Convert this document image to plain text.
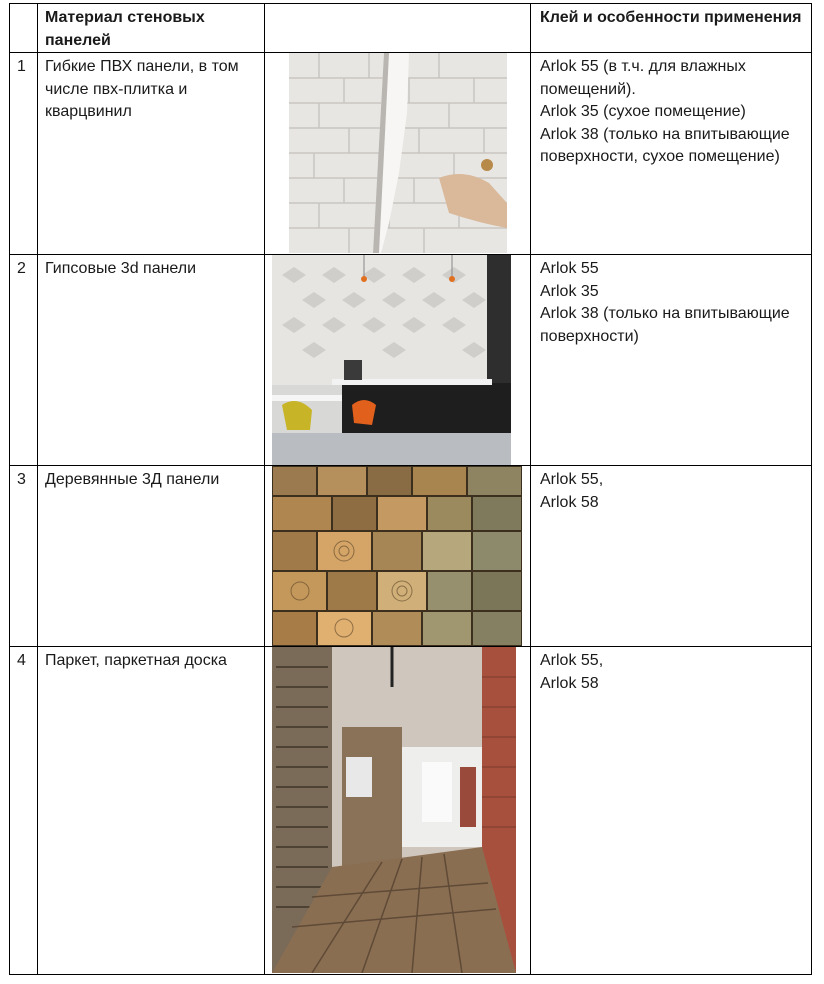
	Материал стеновых панелей		Клей и особенности применения
1	Гибкие ПВХ панели, в том числе пвх-плитка и кварцвинил		Arlok 55 (в т.ч. для влажных помещений).
Arlok 35 (сухое помещение)
Arlok 38 (только на впитывающие поверхности, сухое помещение)

2	Гипсовые 3d панели		Arlok 55
Arlok 35
Arlok 38 (только на впитывающие поверхности)

3	Деревянные 3Д панели		Arlok 55,
Arlok 58

4	Паркет, паркетная доска		Arlok 55,
Arlok 58
